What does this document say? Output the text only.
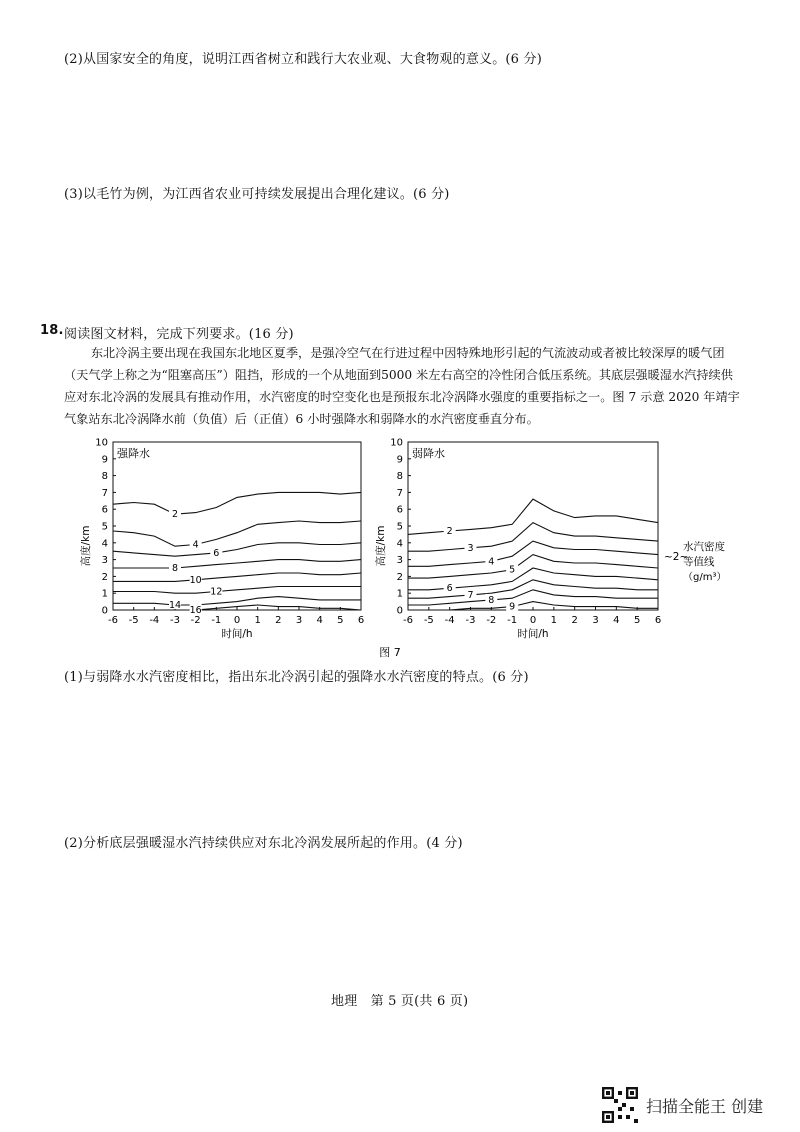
(2)从国家安全的角度，说明江西省树立和践行大农业观、大食物观的意义。(6 分)
(3)以毛竹为例，为江西省农业可持续发展提出合理化建议。(6 分)
18. 阅读图文材料，完成下列要求。(16 分)
东北冷涡主要出现在我国东北地区夏季，是强冷空气在行进过程中因特殊地形引起的气流波动或者被比较深厚的暖气团（天气学上称之为“阻塞高压”）阻挡，形成的一个从地面到5000 米左右高空的冷性闭合低压系统。其底层强暖湿水汽持续供应对东北冷涡的发展具有推动作用，水汽密度的时空变化也是预报东北冷涡降水强度的重要指标之一。图 7 示意 2020 年靖宇气象站东北冷涡降水前（负值）后（正值）6 小时强降水和弱降水的水汽密度垂直分布。
0
1
2
3
4
5
6
7
8
9
10
-6 -5 -4 -3 -2 -1 0 1 2 3 4 5 6
强降水
时间/h
高度/km
2
4
6
8
10
12
14 16	0
1
2
3
4
5
6
7
8
9
10
-6 -5 -4 -3 -2 -1 0 1 2 3 4 5 6
弱降水
时间/h
高度/km	2
3
4
5
6
7 8
9
水汽密度
~2~
等值线
（g/m³）
图 7
(1)与弱降水水汽密度相比，指出东北冷涡引起的强降水水汽密度的特点。(6 分)
(2)分析底层强暖湿水汽持续供应对东北冷涡发展所起的作用。(4 分)
地理　第 5 页(共 6 页)
扫描全能王 创建
